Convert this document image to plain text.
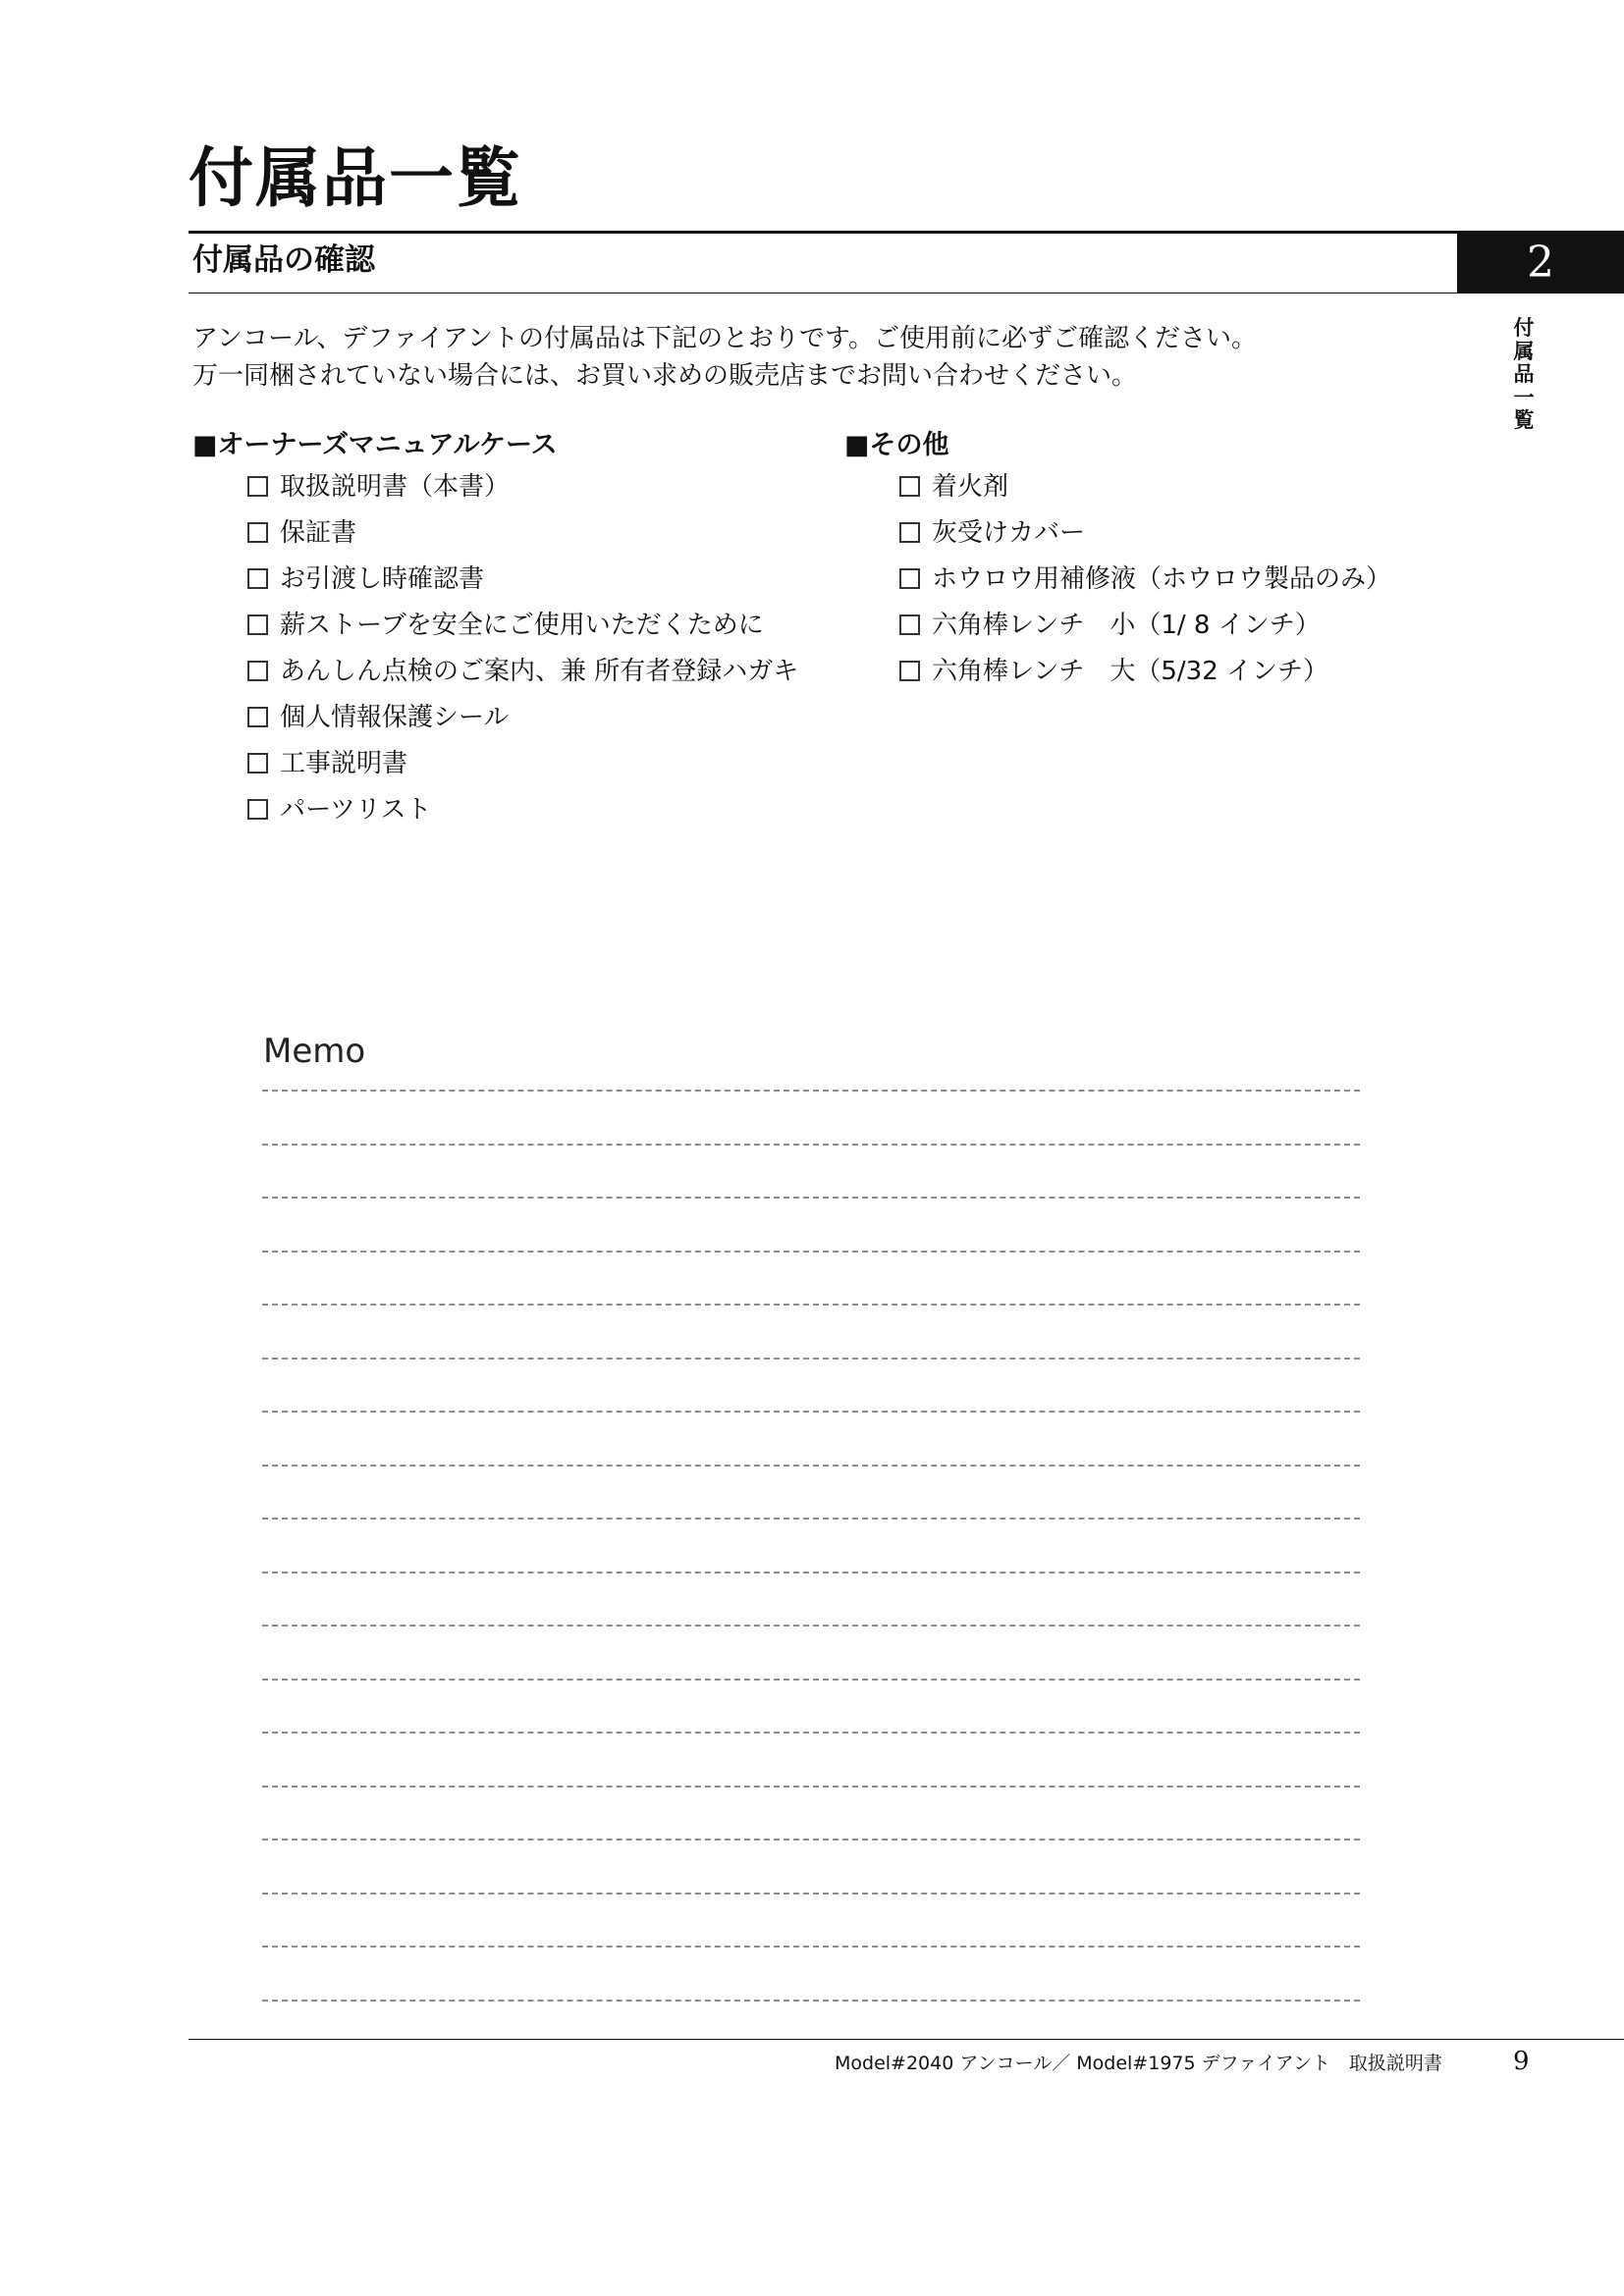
付属品一覧
付属品の確認	2
付
属
品
一
覧

アンコール、デファイアントの付属品は下記のとおりです。ご使用前に必ずご確認ください。

万一同梱されていない場合には、お買い求めの販売店までお問い合わせください。

■オーナーズマニュアルケース
取扱説明書（本書）
保証書
お引渡し時確認書
薪ストーブを安全にご使用いただくために
あんしん点検のご案内、兼 所有者登録ハガキ
個人情報保護シール
工事説明書
パーツリスト
■その他
着火剤
灰受けカバー
ホウロウ用補修液（ホウロウ製品のみ）
六角棒レンチ　小（1/ 8 インチ）
六角棒レンチ　大（5/32 インチ）
Memo
Model#2040 アンコール／ Model#1975 デファイアント　取扱説明書	9
